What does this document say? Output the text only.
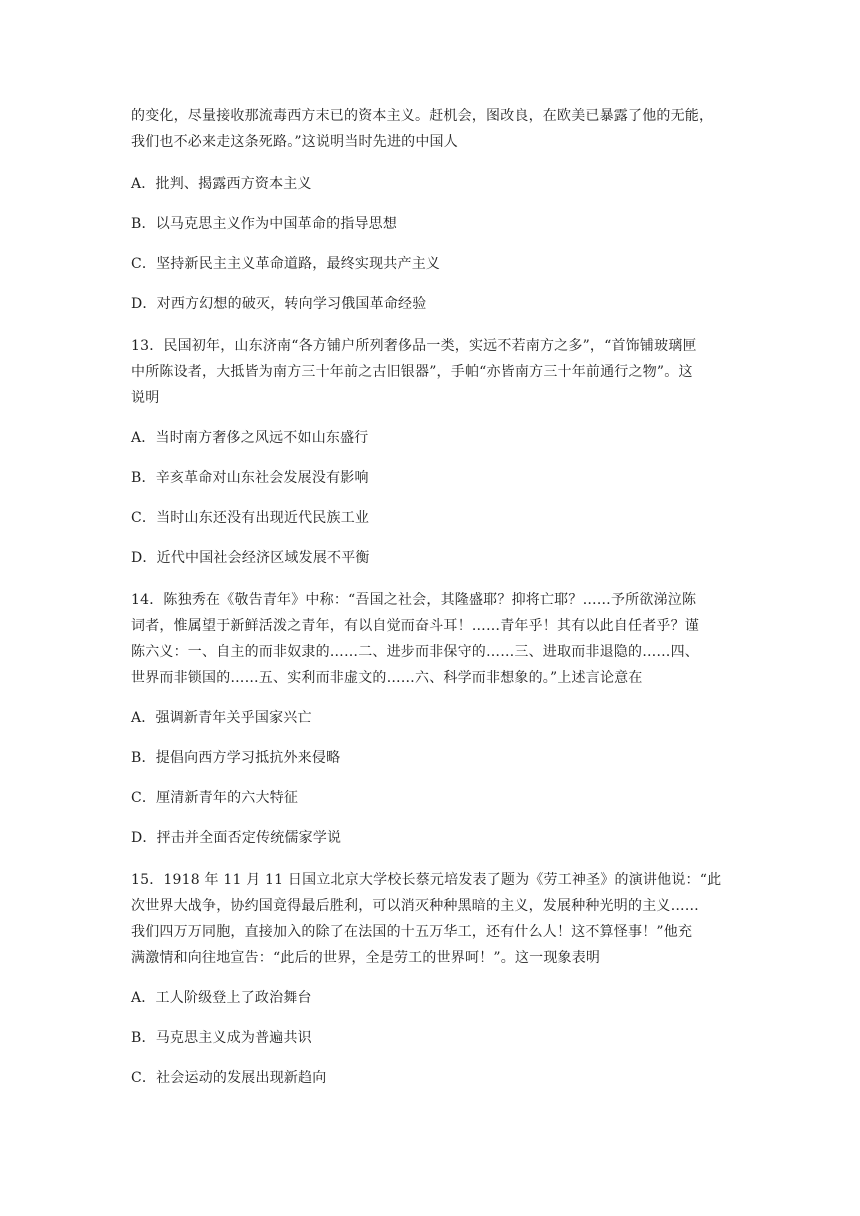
的变化，尽量接收那流毒西方末已的资本主义。赶机会，图改良，在欧美已暴露了他的无能，
我们也不必来走这条死路。”这说明当时先进的中国人
A．批判、揭露西方资本主义
B．以马克思主义作为中国革命的指导思想
C．坚持新民主主义革命道路，最终实现共产主义
D．对西方幻想的破灭，转向学习俄国革命经验
13．民国初年，山东济南“各方铺户所列奢侈品一类，实远不若南方之多”，“首饰铺玻璃匣
中所陈设者，大抵皆为南方三十年前之古旧银器”，手帕“亦皆南方三十年前通行之物”。这
说明
A．当时南方奢侈之风远不如山东盛行
B．辛亥革命对山东社会发展没有影响
C．当时山东还没有出现近代民族工业
D．近代中国社会经济区域发展不平衡
14．陈独秀在《敬告青年》中称：“吾国之社会，其隆盛耶？抑将亡耶？……予所欲涕泣陈
词者，惟属望于新鲜活泼之青年，有以自觉而奋斗耳！……青年乎！其有以此自任者乎？谨
陈六义：一、自主的而非奴隶的……二、进步而非保守的……三、进取而非退隐的……四、
世界而非锁国的……五、实利而非虚文的……六、科学而非想象的。”上述言论意在
A．强调新青年关乎国家兴亡
B．提倡向西方学习抵抗外来侵略
C．厘清新青年的六大特征
D．抨击并全面否定传统儒家学说
15．1918 年 11 月 11 日国立北京大学校长蔡元培发表了题为《劳工神圣》的演讲他说：“此
次世界大战争，协约国竟得最后胜利，可以消灭种种黑暗的主义，发展种种光明的主义……
我们四万万同胞，直接加入的除了在法国的十五万华工，还有什么人！这不算怪事！”他充
满激情和向往地宣告：“此后的世界，全是劳工的世界呵！”。这一现象表明
A．工人阶级登上了政治舞台
B．马克思主义成为普遍共识
C．社会运动的发展出现新趋向
